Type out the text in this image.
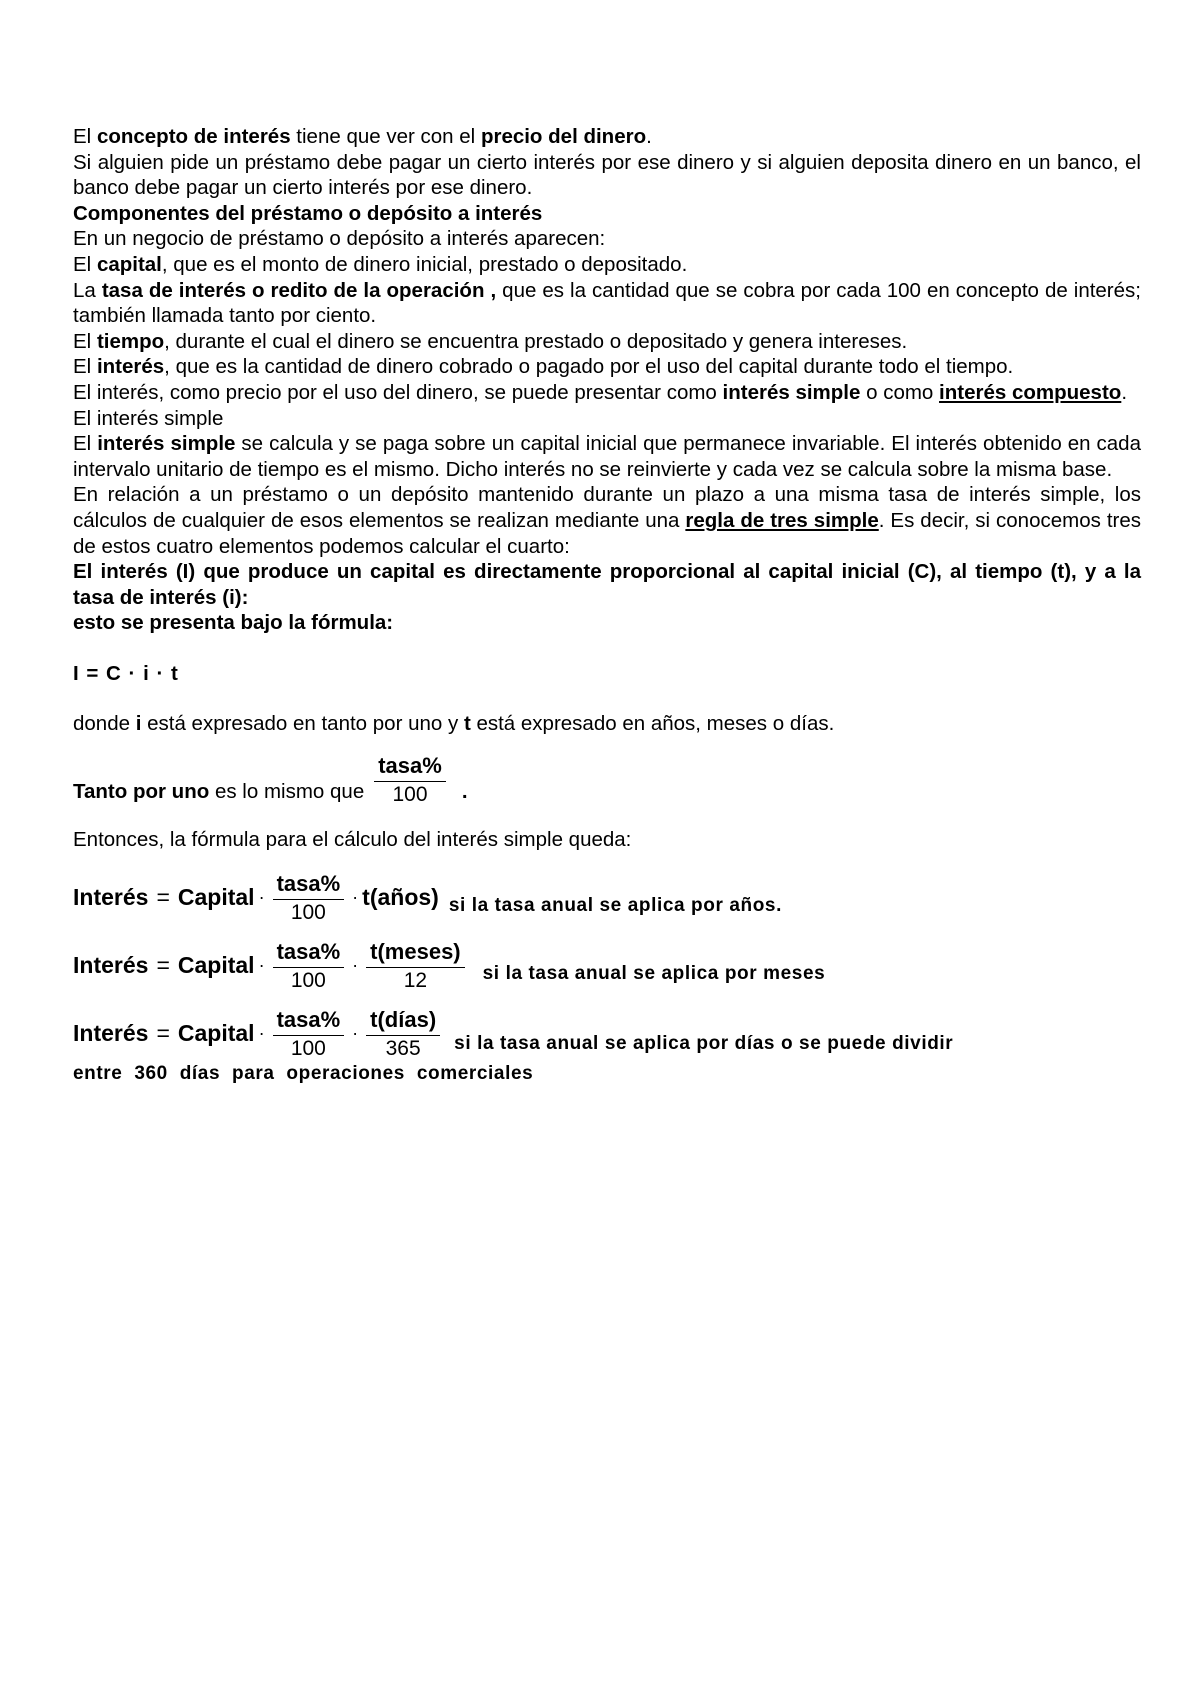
El concepto de interés tiene que ver con el precio del dinero.

Si alguien pide un préstamo debe pagar un cierto interés por ese dinero y si alguien deposita dinero en un banco, el banco debe pagar un cierto interés por ese dinero.

Componentes del préstamo o depósito a interés

En un negocio de préstamo o depósito a interés aparecen:

El capital, que es el monto de dinero inicial, prestado o depositado.

La tasa de interés o redito de la operación , que es la cantidad que se cobra por cada 100 en concepto de interés; también llamada tanto por ciento.

El tiempo, durante el cual el dinero se encuentra prestado o depositado y genera intereses.

El interés, que es la cantidad de dinero cobrado o pagado por el uso del capital durante todo el tiempo.

El interés, como precio por el uso del dinero, se puede presentar como interés simple o como interés compuesto.

El interés simple

El interés simple se calcula y se paga sobre un capital inicial que permanece invariable. El interés obtenido en cada intervalo unitario de tiempo es el mismo. Dicho interés no se reinvierte y cada vez se calcula sobre la misma base.

En relación a un préstamo o un depósito mantenido durante un plazo a una misma tasa de interés simple, los cálculos de cualquier de esos elementos se realizan mediante una regla de tres simple. Es decir, si conocemos tres de estos cuatro elementos podemos calcular el cuarto:

El interés (I) que produce un capital es directamente proporcional al capital inicial (C), al tiempo (t), y a la tasa de interés (i):

esto se presenta bajo la fórmula:

I = C · i · t

donde i está expresado en tanto por uno y t está expresado en años, meses o días.

Tanto por uno es lo mismo que $\frac{\text{tasa\%}}{100}$ .

Entonces, la fórmula para el cálculo del interés simple queda:

Interés = Capital · $\frac{\text{tasa\%}}{100}$ · t(años) si la tasa anual se aplica por años.
Interés = Capital · $\frac{\text{tasa\%}}{100} \cdot \frac{\text{t(meses)}}{12}$ si la tasa anual se aplica por meses
Interés = Capital · $\frac{\text{tasa\%}}{100} \cdot \frac{\text{t(días)}}{365}$ si la tasa anual se aplica por días o se puede dividir

entre 360 días para operaciones comerciales
